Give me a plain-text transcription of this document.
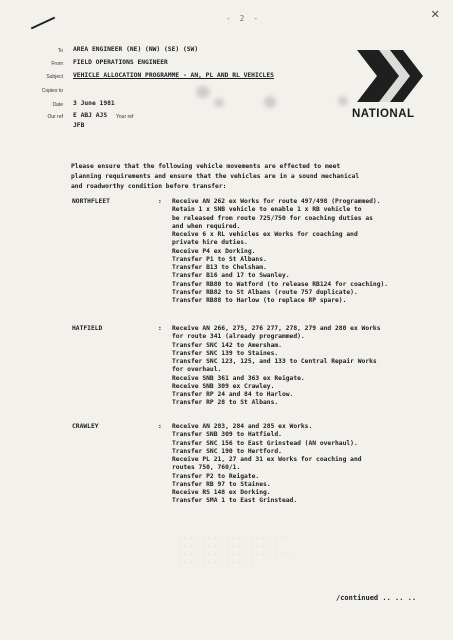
✕
- 2 -
To AREA ENGINEER (NE) (NW) (SE) (SW)
From FIELD OPERATIONS ENGINEER
Subject VEHICLE ALLOCATION PROGRAMME - AN, PL AND RL VEHICLES
Copies to
Date 3 June 1981
Our ref E ABJ AJS Your ref
JFB
NATIONAL
Please ensure that the following vehicle movements are effected to meet
planning requirements and ensure that the vehicles are in a sound mechanical
and roadworthy condition before transfer:
NORTHFLEET	: Receive AN 262 ex Works for route 497/498 (Programmed).
Retain 1 x SNB vehicle to enable 1 x RB vehicle to
be released from route 725/750 for coaching duties as
and when required.
Receive 6 x RL vehicles ex Works for coaching and
private hire duties.
Receive P4 ex Dorking.
Transfer P1 to St Albans.
Transfer B13 to Chelsham.
Transfer B16 and 17 to Swanley.
Transfer RB80 to Watford (to release RB124 for coaching).
Transfer RB82 to St Albans (route 757 duplicate).
Transfer RB88 to Harlow (to replace RP spare).
HATFIELD	: Receive AN 266, 275, 276 277, 278, 279 and 280 ex Works
for route 341 (already programmed).
Transfer SNC 142 to Amersham.
Transfer SNC 139 to Staines.
Transfer SNC 123, 125, and 133 to Central Repair Works
for overhaul.
Receive SNB 361 and 363 ex Reigate.
Receive SNB 309 ex Crawley.
Transfer RP 24 and 84 to Harlow.
Transfer RP 28 to St Albans.
CRAWLEY	: Receive AN 283, 284 and 285 ex Works.
Transfer SNB 309 to Hatfield.
Transfer SNC 156 to East Grinstead (AN overhaul).
Transfer SNC 190 to Hertford.
Receive PL 21, 27 and 31 ex Works for coaching and
routes 750, 760/1.
Transfer P2 to Reigate.
Transfer RB 97 to Staines.
Receive RS 148 ex Dorking.
Transfer SMA 1 to East Grinstead.
· · · · · · · · · · · · · · · · · · ·
· · · · · · · · · · · · · · · · ·
· · · · · · · · · · · · · · · · · · · ·
· · · · · · · · · · · · ·
/continued .. .. ..
